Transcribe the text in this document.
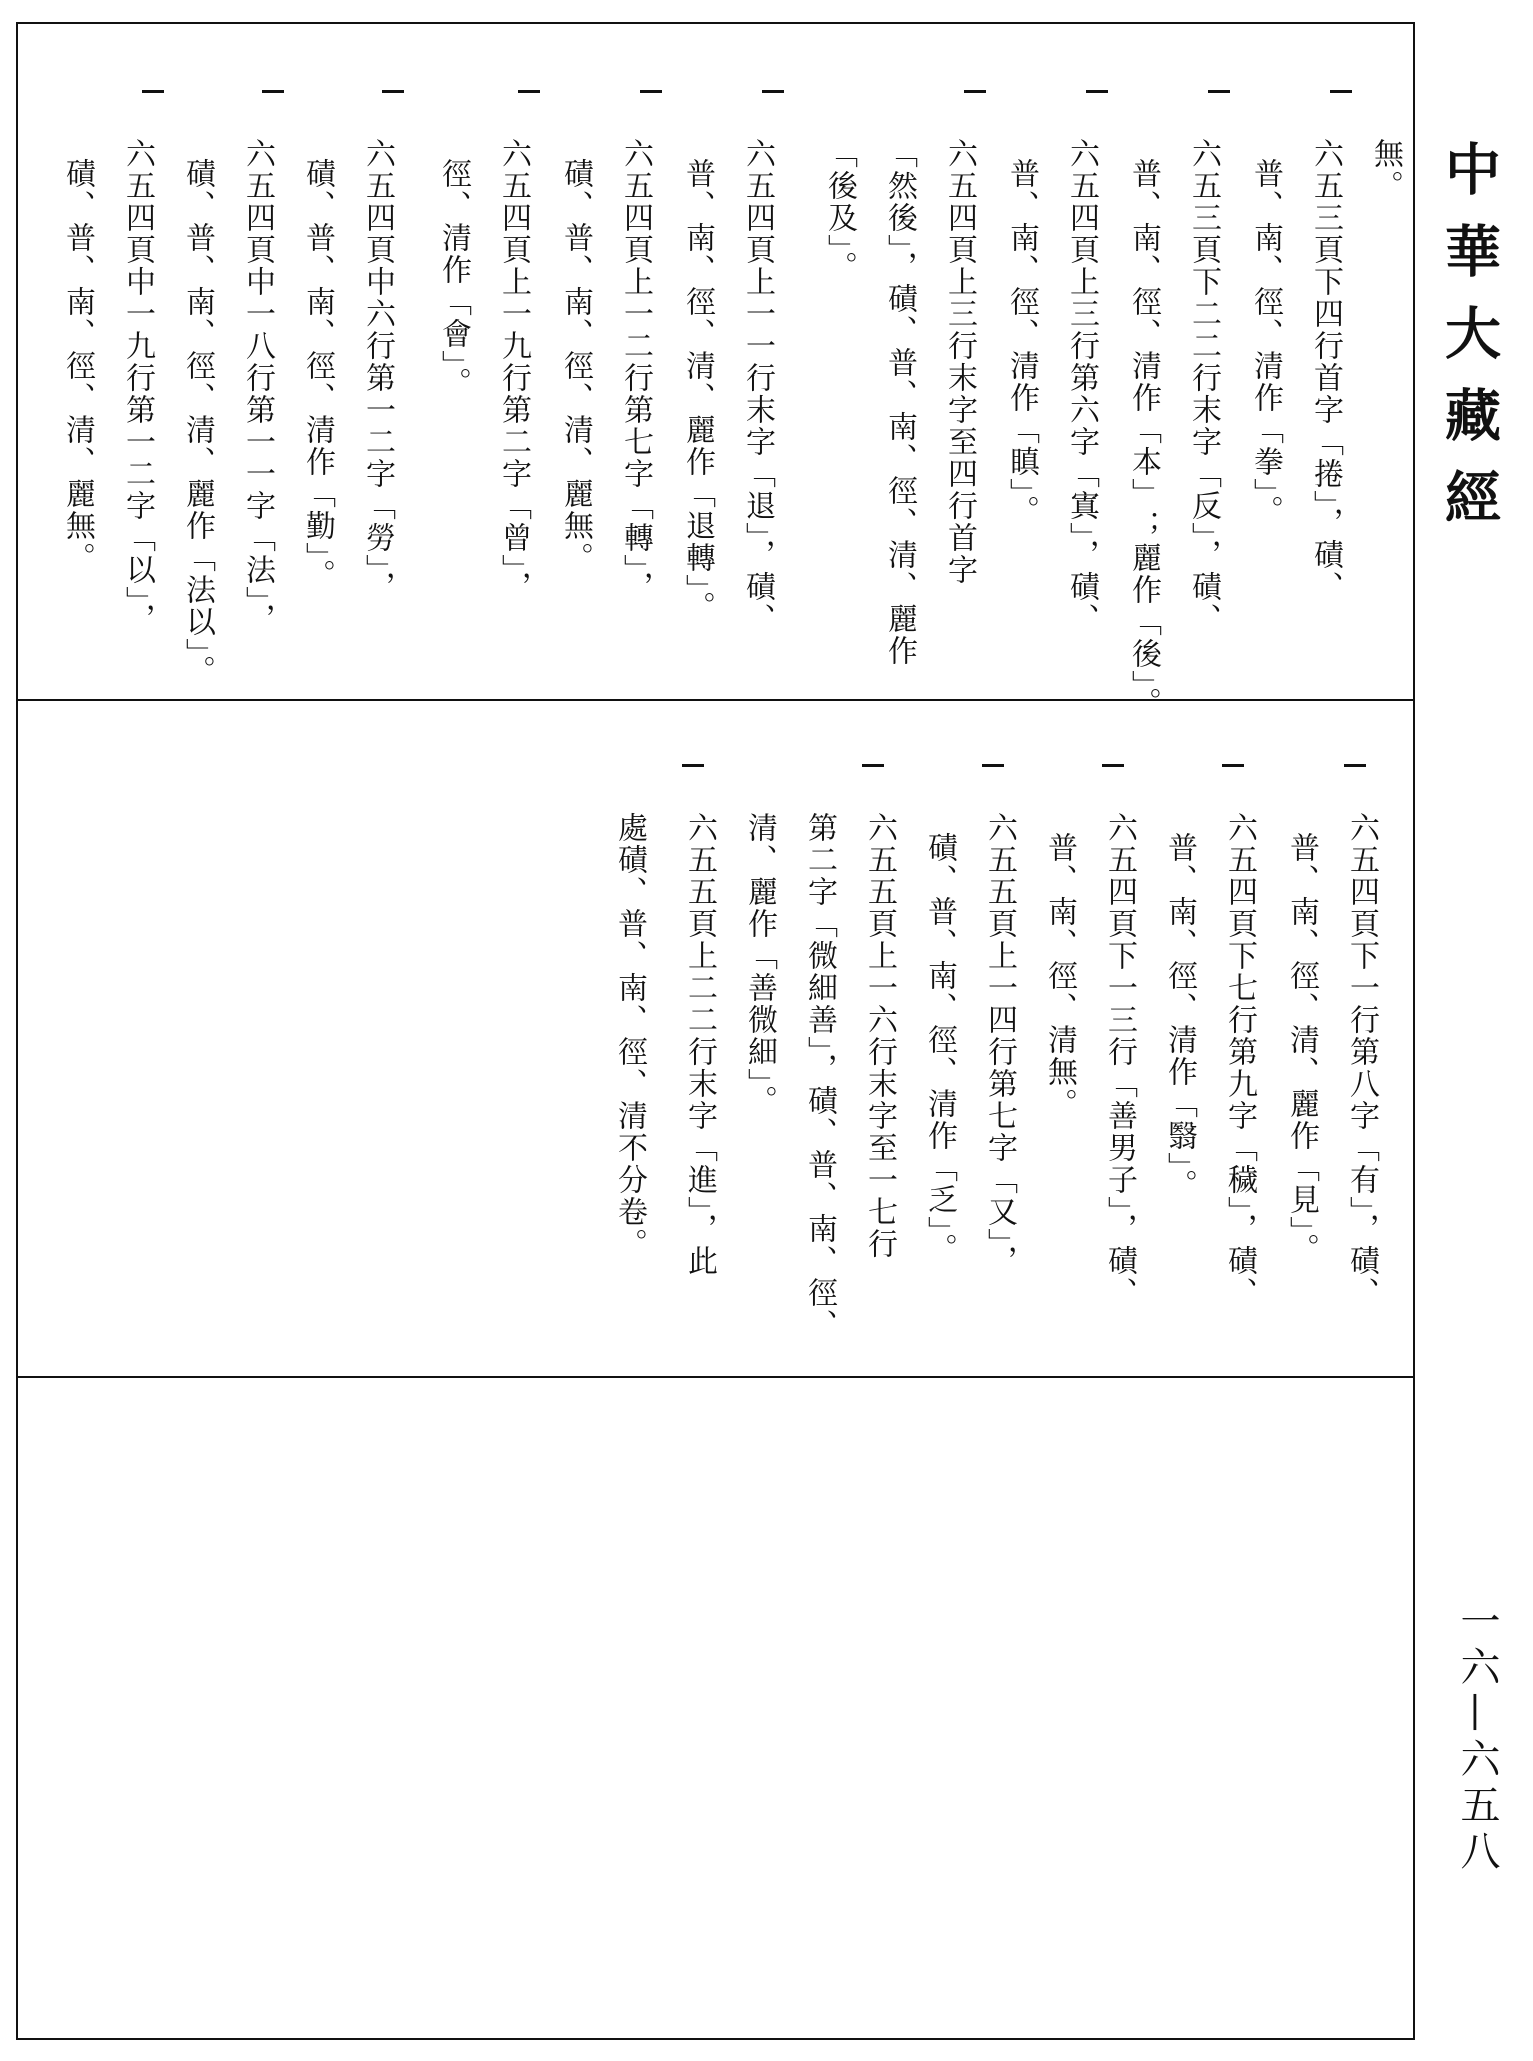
無。
六五三頁下四行首字「捲」，磧、
普、南、徑、清作「拳」。
六五三頁下二二行末字「反」，磧、
普、南、徑、清作「本」；麗作「後」。
六五四頁上三行第六字「寘」，磧、
普、南、徑、清作「瞋」。
六五四頁上三行末字至四行首字
「然後」，磧、普、南、徑、清、麗作
「後及」。
六五四頁上一一行末字「退」，磧、
普、南、徑、清、麗作「退轉」。
六五四頁上一二行第七字「轉」，
磧、普、南、徑、清、麗無。
六五四頁上一九行第二字「曾」，
徑、清作「會」。
六五四頁中六行第一二字「勞」，
磧、普、南、徑、清作「勤」。
六五四頁中一八行第一一字「法」，
磧、普、南、徑、清、麗作「法以」。
六五四頁中一九行第一二字「以」，
磧、普、南、徑、清、麗無。
六五四頁下一行第八字「有」，磧、
普、南、徑、清、麗作「見」。
六五四頁下七行第九字「穢」，磧、
普、南、徑、清作「翳」。
六五四頁下一三行「善男子」，磧、
普、南、徑、清無。
六五五頁上一四行第七字「又」，
磧、普、南、徑、清作「乏」。
六五五頁上一六行末字至一七行
第二字「微細善」，磧、普、南、徑、
清、麗作「善微細」。
六五五頁上二二行末字「進」，此
處磧、普、南、徑、清不分卷。
中華大藏經
一六—六五八
